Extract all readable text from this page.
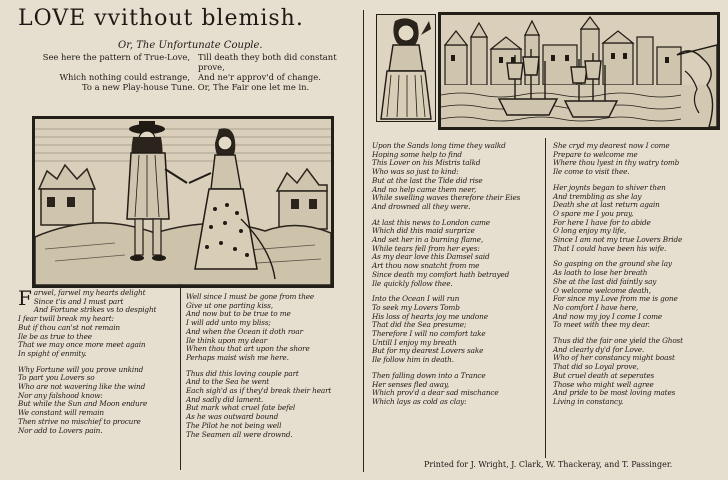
LOVE vvithout blemish.
Or, The Unfortunate Couple.
See here the pattern of True-Love, Till death they both did constant prove,
Which nothing could estrange, And ne'r approv'd of change.
To a new Play-house Tune. Or, The Fair one let me in.
F arwel, farwel my hearts delight
Since t'is and I must part
And Fortune strikes vs to despight
I fear twill break my heart:
But if thou can'st not remain
Ile be as true to thee
That we may once more meet again
In spight of enmity.
Why Fortune will you prove unkind
To part you Lovers so
Who are not wavering like the wind
Nor any falshood know:
But while the Sun and Moon endure
We constant will remain
Then strive no mischief to procure
Nor add to Lovers pain.
Well since I must be gone from thee
Give ut one parting kiss,
And now but to be true to me
I will add unto my bliss;
And when the Ocean it doth roar
Ile think upon my dear
When thou that art upon the shore
Perhaps maist wish me here.
Thus did this loving couple part
And to the Sea he went
Each sigh'd as if they'd break their heart
And sadly did lament.
But mark what cruel fate befel
As he was outward bound
The Pilot he not being well
The Seamen all were drownd.
Upon the Sands long time they walkd
Hoping some help to find
This Lover on his Mistris talkd
Who was so just to kind:
But at the last the Tide did rise
And no help came them neer,
While swelling waves therefore their Eies
And drowned all they were.
At last this news to London came
Which did this maid surprize
And set her in a burning flame,
While tears fell from her eyes:
As my dear love this Damsel said
Art thou now snatcht from me
Since death my comfort hath betrayed
Ile quickly follow thee.
Into the Ocean I will run
To seek my Lovers Tomb
His loss of hearts joy me undone
That did the Sea presume;
Therefore I will no comfort take
Untill I enjoy my breath
But for my dearest Lovers sake
Ile follow him in death.
Then falling down into a Trance
Her senses fled away,
Which prov'd a dear sad mischance
Which lays as cold as clay:
She cryd my dearest now I come
Prepare to welcome me
Where thou lyest in thy watry tomb
Ile come to visit thee.
Her joynts began to shiver then
And trembling as she lay
Death she at last return again
O spare me I you pray,
For here I have for to abide
O long enjoy my life,
Since I am not my true Lovers Bride
That I could have been his wife.
So gasping on the ground she lay
As loath to lose her breath
She at the last did faintly say
O welcome welcome death,
For since my Love from me is gone
No comfort I have here,
And now my joy I come I come
To meet with thee my dear.
Thus did the fair one yield the Ghost
And clearly dy'd for Love.
Who of her constancy might boast
That did so Loyal prove,
But cruel death at seperates
Those who might well agree
And pride to be most loving mates
Living in constancy.
Printed for J. Wright, J. Clark, W. Thackeray, and T. Passinger.
